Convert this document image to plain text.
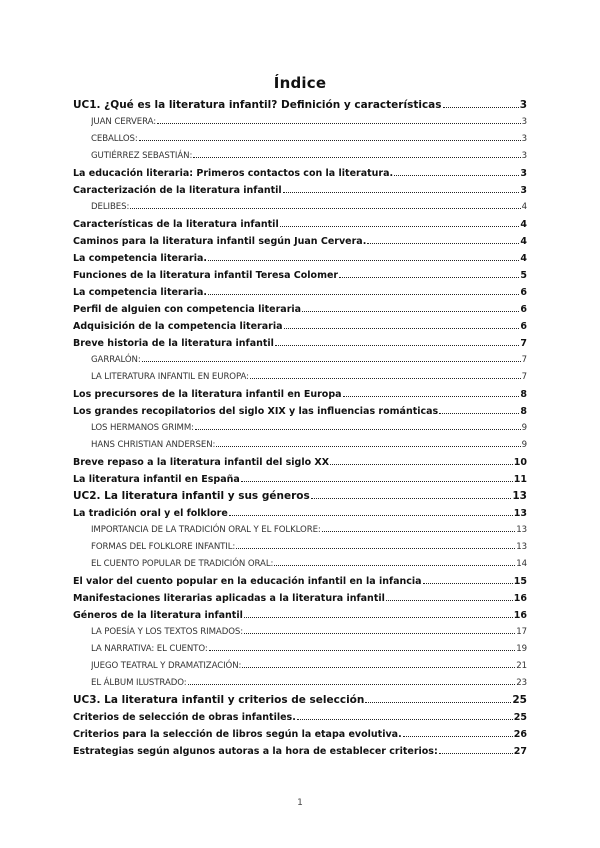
Índice
UC1. ¿Qué es la literatura infantil? Definición y características	3
JUAN CERVERA:	3
CEBALLOS:	3
GUTIÉRREZ SEBASTIÁN:	3
La educación literaria: Primeros contactos con la literatura.	3
Caracterización de la literatura infantil	3
DELIBES:	4
Características de la literatura infantil	4
Caminos para la literatura infantil según Juan Cervera.	4
La competencia literaria.	4
Funciones de la literatura infantil Teresa Colomer	5
La competencia literaria.	6
Perfil de alguien con competencia literaria	6
Adquisición de la competencia literaria	6
Breve historia de la literatura infantil	7
GARRALÓN:	7
LA LITERATURA INFANTIL EN EUROPA:	7
Los precursores de la literatura infantil en Europa	8
Los grandes recopilatorios del siglo XIX y las influencias románticas	8
LOS HERMANOS GRIMM:	9
HANS CHRISTIAN ANDERSEN:	9
Breve repaso a la literatura infantil del siglo XX	10
La literatura infantil en España	11
UC2. La literatura infantil y sus géneros	13
La tradición oral y el folklore	13
IMPORTANCIA DE LA TRADICIÓN ORAL Y EL FOLKLORE:	13
FORMAS DEL FOLKLORE INFANTIL:	13
EL CUENTO POPULAR DE TRADICIÓN ORAL:	14
El valor del cuento popular en la educación infantil en la infancia	15
Manifestaciones literarias aplicadas a la literatura infantil	16
Géneros de la literatura infantil	16
LA POESÍA Y LOS TEXTOS RIMADOS:	17
LA NARRATIVA: EL CUENTO:	19
JUEGO TEATRAL Y DRAMATIZACIÓN:	21
EL ÁLBUM ILUSTRADO:	23
UC3. La literatura infantil y criterios de selección	25
Criterios de selección de obras infantiles.	25
Criterios para la selección de libros según la etapa evolutiva.	26
Estrategias según algunos autoras a la hora de establecer criterios:	27
1
